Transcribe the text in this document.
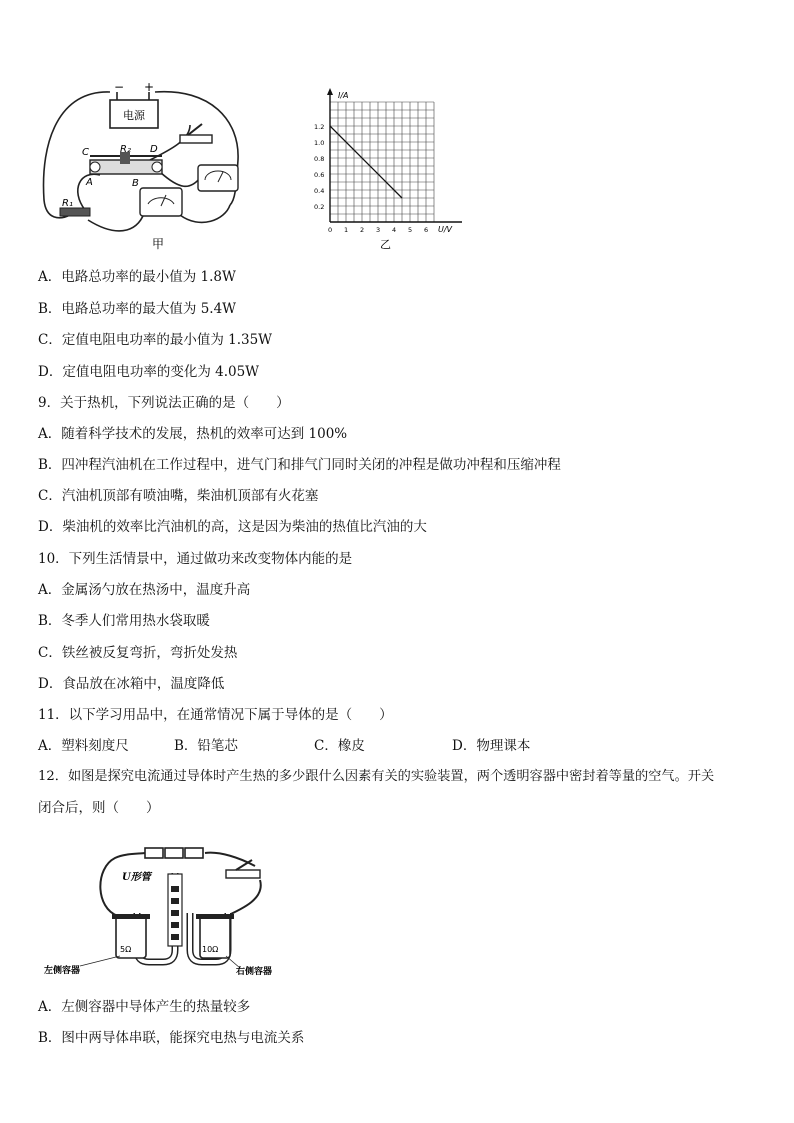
电源
− +
C	R₂ D
A	B
R₁
甲
I/A
U/V
1.2
1.0
0.8
0.6
0.4
0.2
0 1 2 3 4 5 6
乙
A．电路总功率的最小值为 1.8W
B．电路总功率的最大值为 5.4W
C．定值电阻电功率的最小值为 1.35W
D．定值电阻电功率的变化为 4.05W
9．关于热机，下列说法正确的是（　　）
A．随着科学技术的发展，热机的效率可达到 100%
B．四冲程汽油机在工作过程中，进气门和排气门同时关闭的冲程是做功冲程和压缩冲程
C．汽油机顶部有喷油嘴，柴油机顶部有火花塞
D．柴油机的效率比汽油机的高，这是因为柴油的热值比汽油的大
10．下列生活情景中，通过做功来改变物体内能的是
A．金属汤勺放在热汤中，温度升高
B．冬季人们常用热水袋取暖
C．铁丝被反复弯折，弯折处发热
D．食品放在冰箱中，温度降低
11．以下学习用品中，在通常情况下属于导体的是（　　）
A．塑料刻度尺	B．铅笔芯	C．橡皮	D．物理课本
12．如图是探究电流通过导体时产生热的多少跟什么因素有关的实验装置，两个透明容器中密封着等量的空气。开关
闭合后，则（　　）
U形管
5Ω	10Ω
左侧容器	右侧容器
A．左侧容器中导体产生的热量较多
B．图中两导体串联，能探究电热与电流关系
